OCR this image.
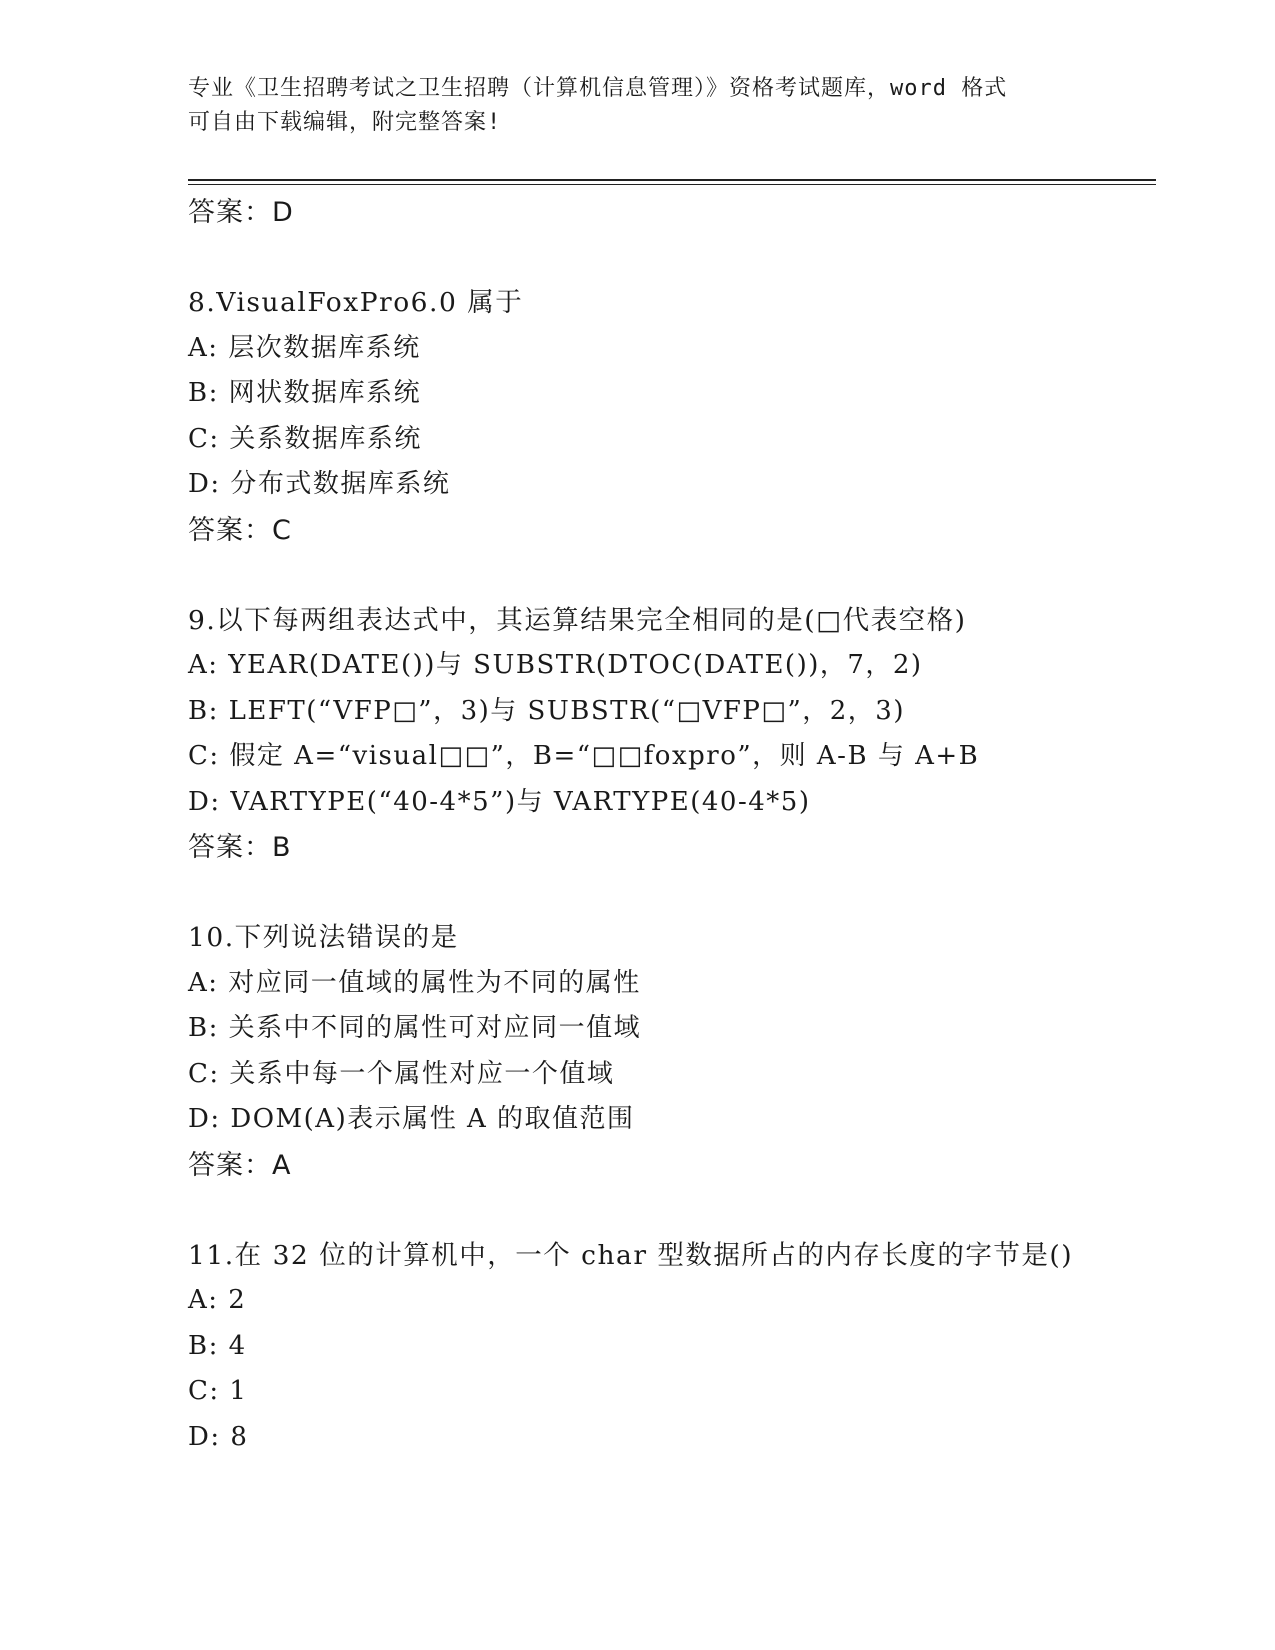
专业《卫生招聘考试之卫生招聘（计算机信息管理）》资格考试题库，word 格式
可自由下载编辑，附完整答案!
答案：D
8.VisualFoxPro6.0 属于
A: 层次数据库系统
B: 网状数据库系统
C: 关系数据库系统
D: 分布式数据库系统
答案：C
9.以下每两组表达式中，其运算结果完全相同的是(□代表空格)
A: YEAR(DATE())与 SUBSTR(DTOC(DATE())，7，2)
B: LEFT(“VFP□”，3)与 SUBSTR(“□VFP□”，2，3)
C: 假定 A=“visual□□”，B=“□□foxpro”，则 A-B 与 A+B
D: VARTYPE(“40-4*5”)与 VARTYPE(40-4*5)
答案：B
10.下列说法错误的是
A: 对应同一值域的属性为不同的属性
B: 关系中不同的属性可对应同一值域
C: 关系中每一个属性对应一个值域
D: DOM(A)表示属性 A 的取值范围
答案：A
11.在 32 位的计算机中，一个 char 型数据所占的内存长度的字节是()
A: 2
B: 4
C: 1
D: 8
